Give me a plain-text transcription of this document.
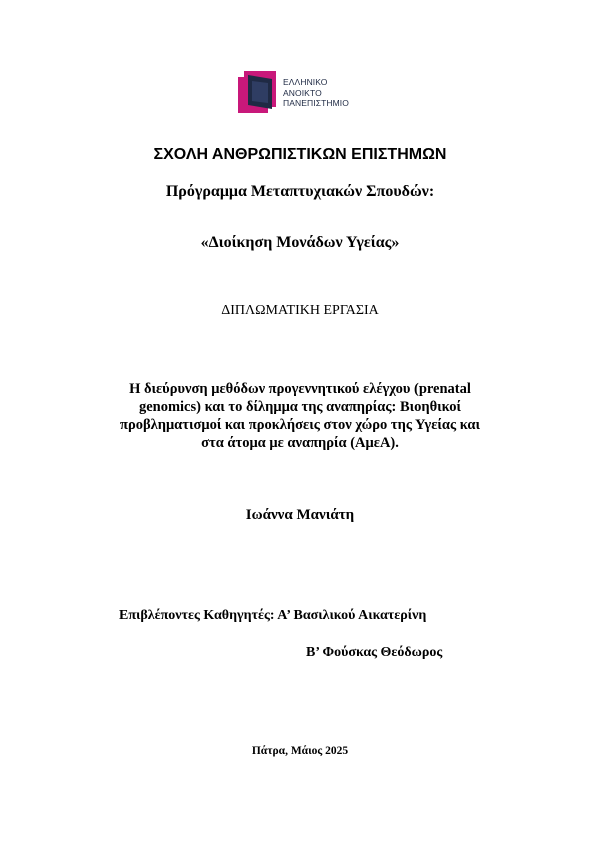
ΕΛΛΗΝΙΚΟ
ΑΝΟΙΚΤΟ
ΠΑΝΕΠΙΣΤΗΜΙΟ
ΣΧΟΛΗ ΑΝΘΡΩΠΙΣΤΙΚΩΝ ΕΠΙΣΤΗΜΩΝ
Πρόγραμμα Μεταπτυχιακών Σπουδών:
«Διοίκηση Μονάδων Υγείας»
ΔΙΠΛΩΜΑΤΙΚΗ ΕΡΓΑΣΙΑ
Η διεύρυνση μεθόδων προγεννητικού ελέγχου (prenatal
genomics) και το δίλημμα της αναπηρίας: Βιοηθικοί
προβληματισμοί και προκλήσεις στον χώρο της Υγείας και
στα άτομα με αναπηρία (ΑμεΑ).
Ιωάννα Μανιάτη
Επιβλέποντες Καθηγητές: Α’ Βασιλικού Αικατερίνη
Β’ Φούσκας Θεόδωρος
Πάτρα, Μάιος 2025
